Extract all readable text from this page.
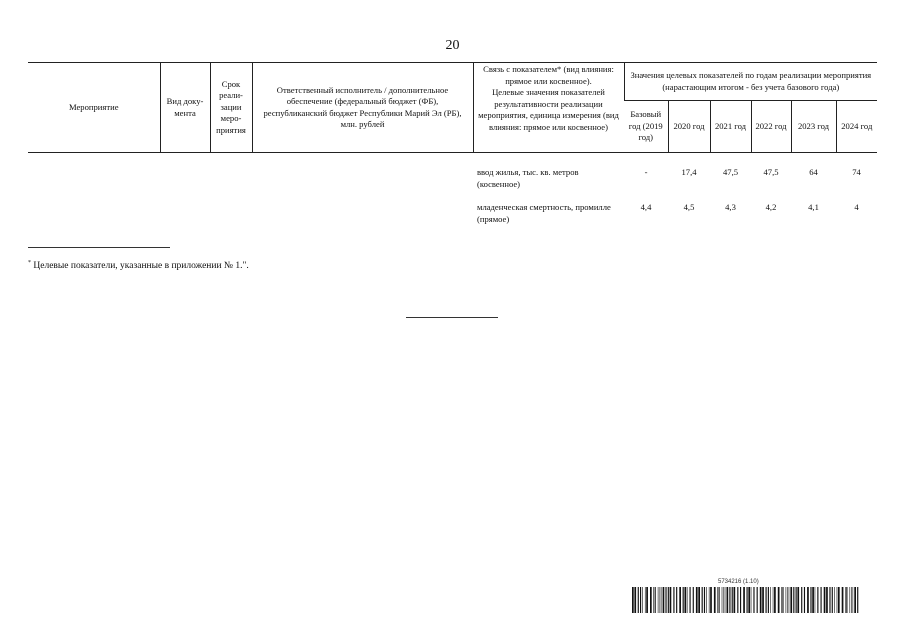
20
Мероприятие	Вид доку-мента	Срок реали-зации меро-приятия	Ответственный исполнитель / дополнительное обеспечение (федеральный бюджет (ФБ), республиканский бюджет Республики Марий Эл (РБ), млн. рублей	Связь с показателем* (вид влияния: прямое или косвенное).
Целевые значения показателей результативности реализации мероприятия, единица измерения (вид влияния: прямое или косвенное)	Значения целевых показателей по годам реализации мероприятия (нарастающим итогом - без учета базового года)					
					Базовый год (2019 год)	2020 год	2021 год	2022 год	2023 год	2024 год
				ввод жилья, тыс. кв. метров (косвенное)	-	17,4	47,5	47,5	64	74
				младенческая смертность, промилле (прямое)	4,4	4,5	4,3	4,2	4,1	4
* Целевые показатели, указанные в приложении № 1.".
5734216 (1.10)
